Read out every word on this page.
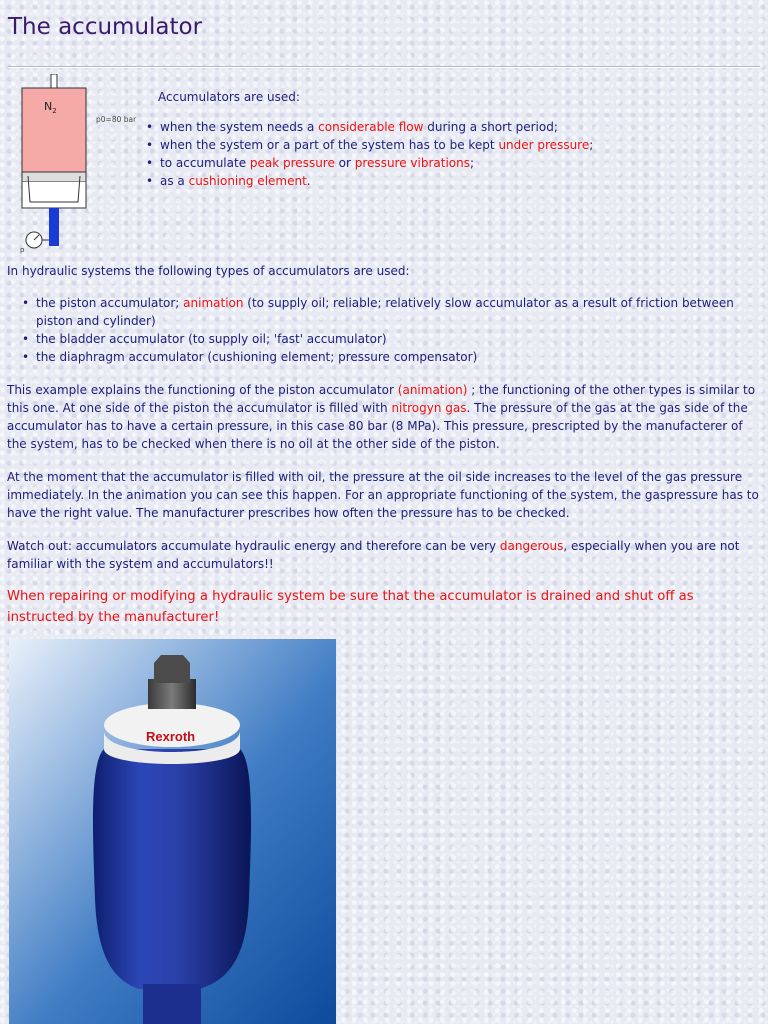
The accumulator
$N_2$
p0=80 bar
p
Accumulators are used:
• when the system needs a considerable flow during a short period;
• when the system or a part of the system has to be kept under pressure;
• to accumulate peak pressure or pressure vibrations;
• as a cushioning element.
In hydraulic systems the following types of accumulators are used:
• the piston accumulator; animation (to supply oil; reliable; relatively slow accumulator as a result of friction between piston and cylinder)
• the bladder accumulator (to supply oil; 'fast' accumulator)
• the diaphragm accumulator (cushioning element; pressure compensator)

This example explains the functioning of the piston accumulator (animation) ; the functioning of the other types is similar to this one. At one side of the piston the accumulator is filled with nitrogyn gas. The pressure of the gas at the gas side of the accumulator has to have a certain pressure, in this case 80 bar (8 MPa). This pressure, prescripted by the manufacterer of the system, has to be checked when there is no oil at the other side of the piston.

At the moment that the accumulator is filled with oil, the pressure at the oil side increases to the level of the gas pressure immediately. In the animation you can see this happen. For an appropriate functioning of the system, the gaspressure has to have the right value. The manufacturer prescribes how often the pressure has to be checked.

Watch out: accumulators accumulate hydraulic energy and therefore can be very dangerous, especially when you are not familiar with the system and accumulators!!

When repairing or modifying a hydraulic system be sure that the accumulator is drained and shut off as instructed by the manufacturer!

Rexroth
